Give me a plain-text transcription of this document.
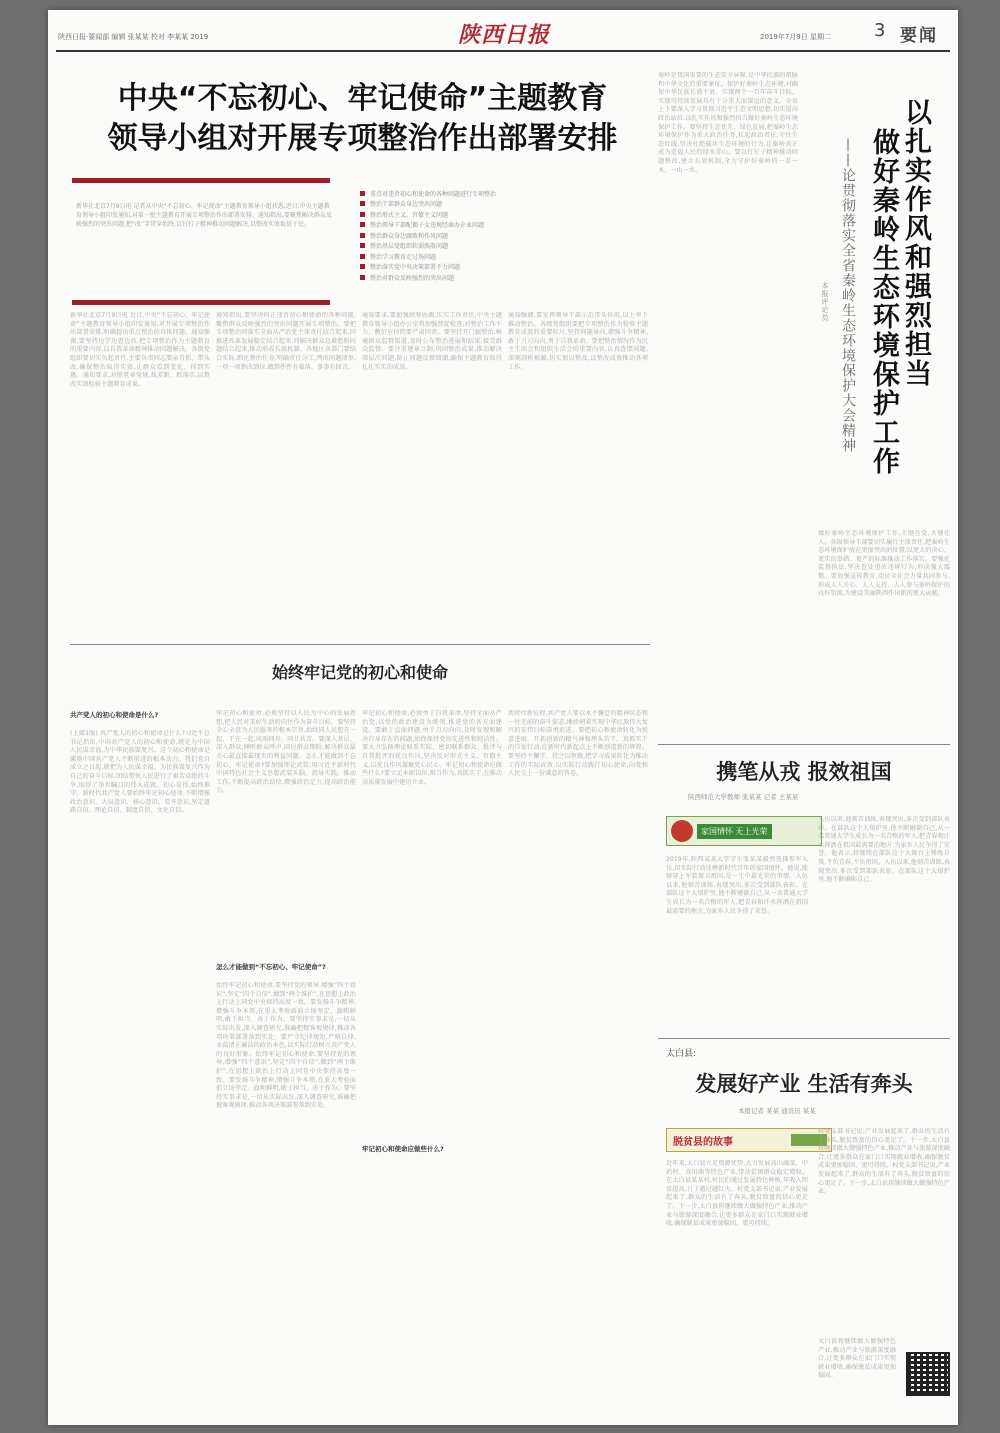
陕西日报·要闻部 编辑 张某某 校对 李某某 2019	陕西日报	2019年7月9日 星期二 3 要闻
中央“不忘初心、牢记使命”主题教育
领导小组对开展专项整治作出部署安排
新华社北京7月9日电 记者从中央“不忘初心、牢记使命”主题教育领导小组获悉,近日,中央主题教育领导小组印发通知,对第一批主题教育开展专项整治作出部署安排。通知指出,要聚焦解决群众反映强烈的突出问题,把“改”字贯穿始终,以钉钉子精神推动问题解决,以整改实效取信于民。
重点对违背初心和使命的各种问题进行专项整治
整治干部群众身边突出问题
整治形式主义、官僚主义问题
整治领导干部配偶子女违规经商办企业问题
整治群众身边腐败和作风问题
整治基层党组织软弱涣散问题
整治学习教育走过场问题
整治落实党中央决策部署不力问题
整治对群众反映强烈的突出问题
新华社北京7月9日电 近日,中央“不忘初心、牢记使命”主题教育领导小组印发通知,对开展专项整治作出部署安排,明确提出重点整治的具体问题。通知强调,要坚持边学边查边改,把专项整治作为主题教育的重要内容,以自我革命精神推动问题解决。各级党组织要切实负起责任,主要负责同志要亲自抓、带头改,确保整治取得实效,让群众看到变化、得到实惠。通知要求,对照党章党规,找差距、抓落实,以整改实效检验主题教育成果。
通知指出,要坚决纠正违背初心和使命的各种问题,聚焦群众反映强烈的突出问题开展专项整治。要把专项整治同落实全面从严治党主体责任结合起来,同推进改革发展稳定结合起来,同解决群众急难愁盼问题结合起来,推动形成长效机制。各地区各部门要结合实际,细化整治任务,明确责任分工,列出问题清单,一项一项整改到位,做到件件有着落、事事有回音。
通知要求,要加强统筹协调,压实工作责任,中央主题教育领导小组办公室将加强督促检查,对整治工作不力、敷衍应付的要严肃问责。要坚持开门搞整治,畅通群众监督渠道,及时公布整治进展和结果,接受群众监督。要注重建章立制,巩固整治成果,推动解决深层次问题,防止问题反弹回潮,确保主题教育取得扎扎实实的成效。
通知强调,要发挥领导干部示范带头作用,以上率下推动整治。各级党组织要把专项整治作为检验主题教育成效的重要标尺,坚持问题导向,增强斗争精神,敢于刀刃向内,勇于自我革命。要把整治情况作为民主生活会和组织生活会的重要内容,认真查摆问题,深刻剖析根源,切实加以整改,以整改成效推动各项工作。
始终牢记党的初心和使命
(上接1版) 共产党人的初心和使命是什么?习近平总书记指出,中国共产党人的初心和使命,就是为中国人民谋幸福,为中华民族谋复兴。这个初心和使命是激励中国共产党人不断前进的根本动力。我们党自成立之日起,就把为人民谋幸福、为民族谋复兴作为自己的奋斗目标,团结带领人民进行了艰苦卓绝的斗争,取得了举世瞩目的伟大成就。初心易得,始终难守。新时代共产党人要始终牢记初心使命,不断增强政治意识、大局意识、核心意识、看齐意识,坚定道路自信、理论自信、制度自信、文化自信。
共产党人的初心和使命是什么?	牢记初心和使命,必须坚持以人民为中心的发展思想,把人民对美好生活的向往作为奋斗目标。要坚持全心全意为人民服务的根本宗旨,始终同人民想在一起、干在一起,风雨同舟、同甘共苦。要深入基层、深入群众,倾听群众呼声,回应群众期盼,解决群众最关心最直接最现实的利益问题。怎么才能做到不忘初心、牢记使命?要加强理论武装,用习近平新时代中国特色社会主义思想武装头脑、指导实践、推动工作,不断提高政治站位,增强政治定力,提高政治能力。
怎么才能做到“不忘初心、牢记使命”?
始终牢记初心和使命,要坚持党的领导,增强“四个意识”,坚定“四个自信”,做到“两个维护”,在思想上政治上行动上同党中央保持高度一致。要发扬斗争精神,增强斗争本领,在重大考验面前立场坚定、旗帜鲜明,敢于担当、善于作为。要坚持实事求是,一切从实际出发,深入调查研究,准确把握客观规律,推动各项决策部署落到实处。要严守纪律规矩,严格自律,永葆清正廉洁的政治本色,以实际行动树立共产党人的良好形象。始终牢记初心和使命,要坚持党的领导,增强“四个意识”,坚定“四个自信”,做到“两个维护”,在思想上政治上行动上同党中央保持高度一致。要发扬斗争精神,增强斗争本领,在重大考验面前立场坚定、旗帜鲜明,敢于担当、善于作为。要坚持实事求是,一切从实际出发,深入调查研究,准确把握客观规律,推动各项决策部署落到实处。
牢记初心和使命,必须勇于自我革命,坚持全面从严治党,以党的政治建设为统领,推进党的各方面建设。要敢于直面问题,勇于刀刃向内,及时发现和解决自身存在的问题,始终保持党的先进性和纯洁性。要大力弘扬理论联系实际、密切联系群众、批评与自我批评的优良作风,坚决反对形式主义、官僚主义,以优良作风凝聚党心民心。牢记初心和使命应做些什么?要立足本职岗位,担当作为,真抓实干,在推动高质量发展中建功立业。
牢记初心和使命应做些什么?
新时代新征程,共产党人要以永不懈怠的精神状态和一往无前的奋斗姿态,继续朝着实现中华民族伟大复兴的宏伟目标奋勇前进。要把初心和使命转化为锐意进取、开拓创新的精气神和埋头苦干、真抓实干的自觉行动,在新时代新起点上不断创造新的辉煌。要坚持不懈学、持之以恒做,把学习成果转化为推动工作的实际成效,以实际行动践行初心使命,向党和人民交上一份满意的答卷。
秦岭是我国重要的生态安全屏障,是中华民族的祖脉和中华文化的重要象征。保护好秦岭生态环境,对确保中华民族长盛不衰、实现两个一百年奋斗目标、实现可持续发展具有十分重大而深远的意义。全省上下要深入学习贯彻习近平生态文明思想,切实提高政治站位,以扎实作风和强烈担当做好秦岭生态环境保护工作。要坚持生态优先、绿色发展,把秦岭生态环境保护作为重大政治任务,扛起政治责任,守住生态红线,坚决杜绝破坏生态环境的行为,让秦岭真正成为造福人民的绿水青山。要以钉钉子精神推动问题整改,建立长效机制,全力守护好秦岭的一草一木、一山一水。	以扎实作风和强烈担当
做好秦岭生态环境保护工作
——论贯彻落实全省秦岭生态环境保护大会精神
本报评论员
做好秦岭生态环境保护工作,关键在党,关键在人。各级领导干部要切实履行主体责任,把秦岭生态环境保护放在更加突出的位置,以更大的决心、更实的举措、更严的标准推动工作落实。要强化监督执法,坚决查处违法违规行为,形成强大震慑。要加强宣传教育,动员全社会力量共同参与,形成人人关心、人人支持、人人参与秦岭保护的良好氛围,为建设美丽陕西作出新的更大贡献。
携笔从戎 报效祖国
陕西师范大学教师 张某某 记者 王某某
家国情怀 无上光荣
2019年,陕西某某大学学生张某某毅然选择参军入伍,用实际行动诠释新时代青年的家国情怀。他说,能够穿上军装保卫祖国,是一生中最光荣的事情。入伍以来,他刻苦训练,表现突出,多次受到部队表彰。在部队这个大熔炉里,他不断磨砺自己,从一名普通大学生成长为一名合格的军人,把青春和汗水挥洒在祖国最需要的地方,为家乡人民争得了荣誉。
入伍以来,他刻苦训练,表现突出,多次受到部队表彰。在部队这个大熔炉里,他不断磨砺自己,从一名普通大学生成长为一名合格的军人,把青春和汗水挥洒在祖国最需要的地方,为家乡人民争得了荣誉。他表示,将继续在部队这个大舞台上锤炼自我,不负青春,不负祖国。入伍以来,他刻苦训练,表现突出,多次受到部队表彰。在部队这个大熔炉里,他不断磨砺自己。
太白县:
发展好产业 生活有奔头
本报记者 某某 通讯员 某某
脱贫县的故事
近年来,太白县立足资源优势,大力发展高山蔬菜、中药材、食用菌等特色产业,带动贫困群众稳定增收。在太白县某某村,村民们通过发展特色种植,年收入明显提高,日子越过越红火。村党支部书记说,产业发展起来了,群众的生活有了奔头,脱贫致富的信心更足了。下一步,太白县将继续做大做强特色产业,推动产业与旅游深度融合,让更多群众在家门口实现就业增收,确保脱贫成果更加稳固、更可持续。
村党支部书记说,产业发展起来了,群众的生活有了奔头,脱贫致富的信心更足了。下一步,太白县将继续做大做强特色产业,推动产业与旅游深度融合,让更多群众在家门口实现就业增收,确保脱贫成果更加稳固、更可持续。村党支部书记说,产业发展起来了,群众的生活有了奔头,脱贫致富的信心更足了。下一步,太白县将继续做大做强特色产业。
太白县将继续做大做强特色产业,推动产业与旅游深度融合,让更多群众在家门口实现就业增收,确保脱贫成果更加稳固。
